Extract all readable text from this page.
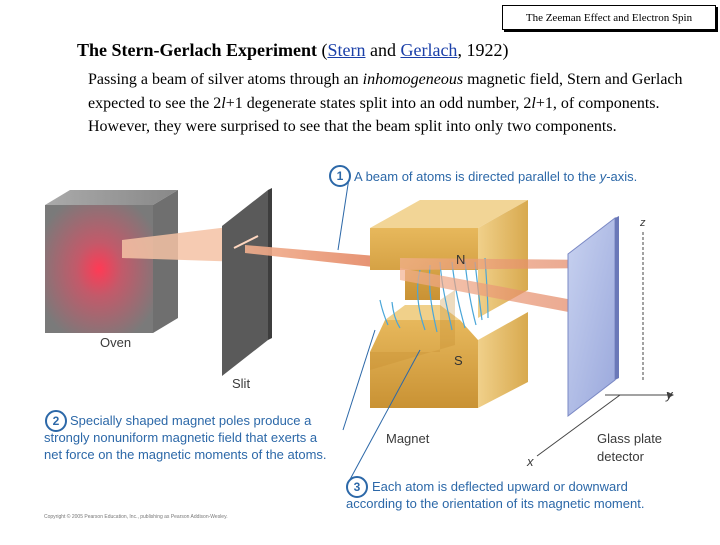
The Zeeman Effect and Electron Spin
The Stern-Gerlach Experiment (Stern and Gerlach, 1922)
Passing a beam of silver atoms through an inhomogeneous magnetic field, Stern and Gerlach expected to see the 2l+1 degenerate states split into an odd number, 2l+1, of components. However, they were surprised to see that the beam split into only two components.
Oven
Slit
Magnet	Glass plate
detector
N
S
z
y
x
1 A beam of atoms is directed parallel to the y-axis.
2 Specially shaped magnet poles produce a
strongly nonuniform magnetic field that exerts a
net force on the magnetic moments of the atoms.
3 Each atom is deflected upward or downward
according to the orientation of its magnetic moment.
Copyright © 2005 Pearson Education, Inc., publishing as Pearson Addison-Wesley.
